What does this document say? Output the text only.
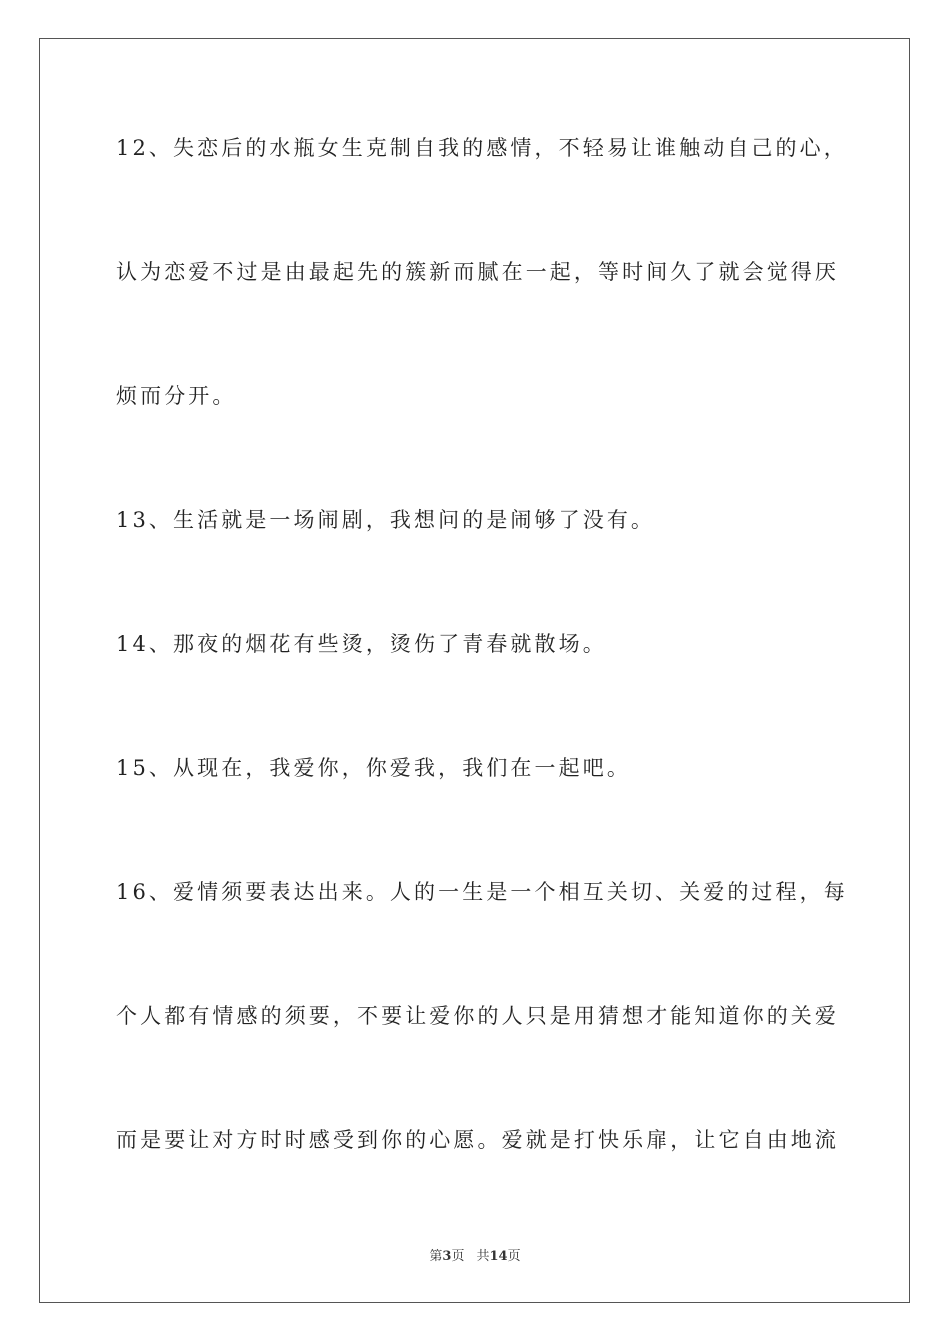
12、失恋后的水瓶女生克制自我的感情，不轻易让谁触动自己的心，
认为恋爱不过是由最起先的簇新而腻在一起，等时间久了就会觉得厌
烦而分开。
13、生活就是一场闹剧，我想问的是闹够了没有。
14、那夜的烟花有些烫，烫伤了青春就散场。
15、从现在，我爱你，你爱我，我们在一起吧。
16、爱情须要表达出来。人的一生是一个相互关切、关爱的过程，每
个人都有情感的须要，不要让爱你的人只是用猜想才能知道你的关爱
而是要让对方时时感受到你的心愿。爱就是打快乐扉，让它自由地流
第3页 共14页
